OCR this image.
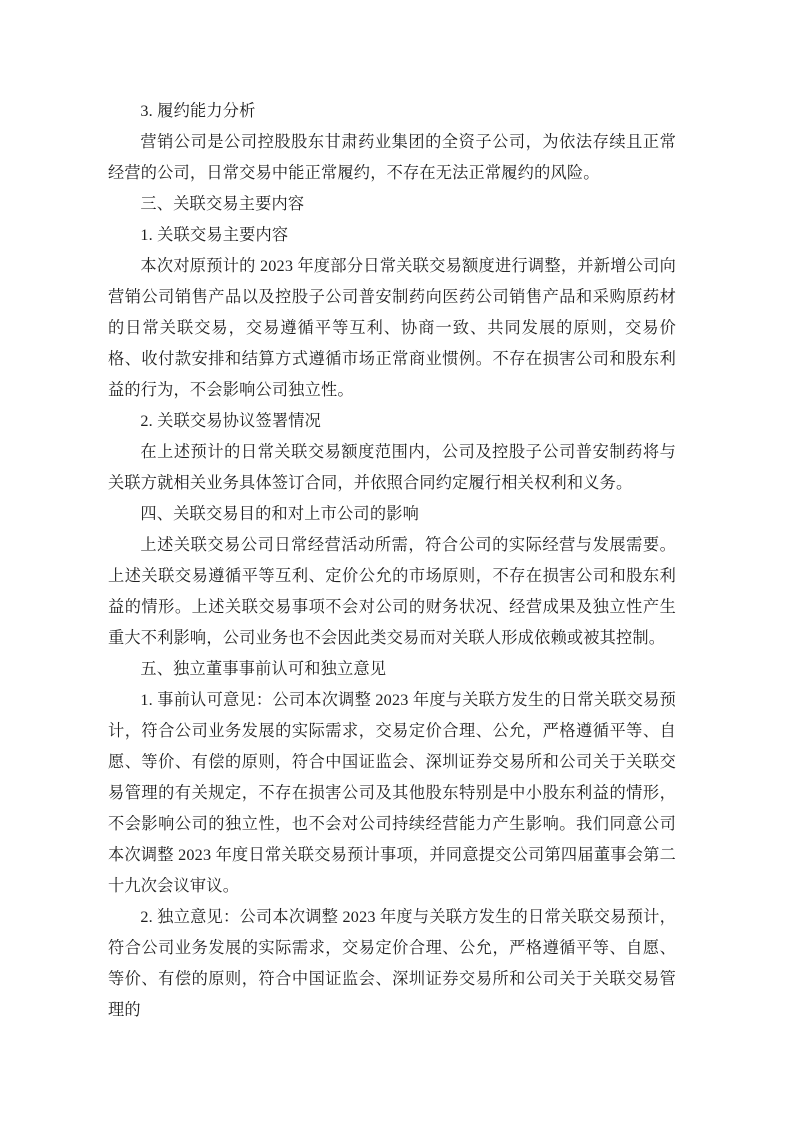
3. 履约能力分析

营销公司是公司控股股东甘肃药业集团的全资子公司，为依法存续且正常经营的公司，日常交易中能正常履约，不存在无法正常履约的风险。

三、关联交易主要内容

1. 关联交易主要内容

本次对原预计的 2023 年度部分日常关联交易额度进行调整，并新增公司向营销公司销售产品以及控股子公司普安制药向医药公司销售产品和采购原药材的日常关联交易，交易遵循平等互利、协商一致、共同发展的原则，交易价格、收付款安排和结算方式遵循市场正常商业惯例。不存在损害公司和股东利益的行为，不会影响公司独立性。

2. 关联交易协议签署情况

在上述预计的日常关联交易额度范围内，公司及控股子公司普安制药将与关联方就相关业务具体签订合同，并依照合同约定履行相关权利和义务。

四、关联交易目的和对上市公司的影响

上述关联交易公司日常经营活动所需，符合公司的实际经营与发展需要。上述关联交易遵循平等互利、定价公允的市场原则，不存在损害公司和股东利益的情形。上述关联交易事项不会对公司的财务状况、经营成果及独立性产生重大不利影响，公司业务也不会因此类交易而对关联人形成依赖或被其控制。

五、独立董事事前认可和独立意见

1. 事前认可意见：公司本次调整 2023 年度与关联方发生的日常关联交易预计，符合公司业务发展的实际需求，交易定价合理、公允，严格遵循平等、自愿、等价、有偿的原则，符合中国证监会、深圳证券交易所和公司关于关联交易管理的有关规定，不存在损害公司及其他股东特别是中小股东利益的情形，不会影响公司的独立性，也不会对公司持续经营能力产生影响。我们同意公司本次调整 2023 年度日常关联交易预计事项，并同意提交公司第四届董事会第二十九次会议审议。

2. 独立意见：公司本次调整 2023 年度与关联方发生的日常关联交易预计，符合公司业务发展的实际需求，交易定价合理、公允，严格遵循平等、自愿、等价、有偿的原则，符合中国证监会、深圳证券交易所和公司关于关联交易管理的
